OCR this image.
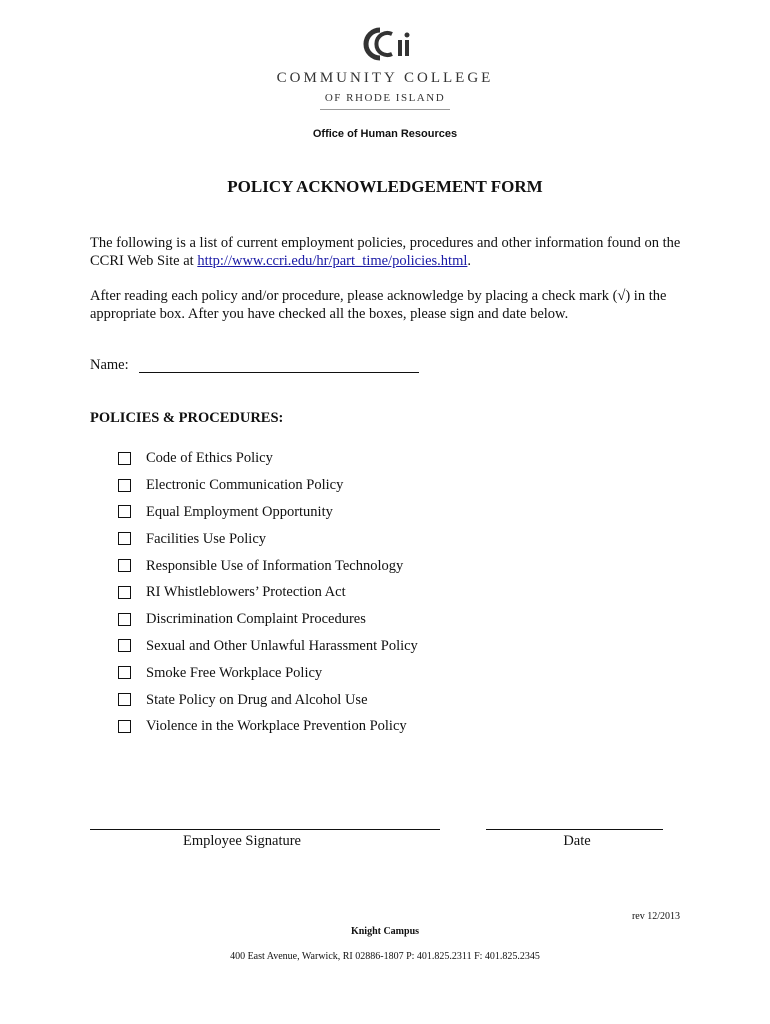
COMMUNITY COLLEGE
OF RHODE ISLAND
Office of Human Resources
POLICY ACKNOWLEDGEMENT FORM
The following is a list of current employment policies, procedures and other information found on the CCRI Web Site at http://www.ccri.edu/hr/part_time/policies.html.
After reading each policy and/or procedure, please acknowledge by placing a check mark (√) in the appropriate box. After you have checked all the boxes, please sign and date below.
Name:
POLICIES & PROCEDURES:
Code of Ethics Policy
Electronic Communication Policy
Equal Employment Opportunity
Facilities Use Policy
Responsible Use of Information Technology
RI Whistleblowers’ Protection Act
Discrimination Complaint Procedures
Sexual and Other Unlawful Harassment Policy
Smoke Free Workplace Policy
State Policy on Drug and Alcohol Use
Violence in the Workplace Prevention Policy
Employee Signature	Date
rev 12/2013
Knight Campus
400 East Avenue, Warwick, RI 02886-1807 P: 401.825.2311 F: 401.825.2345
